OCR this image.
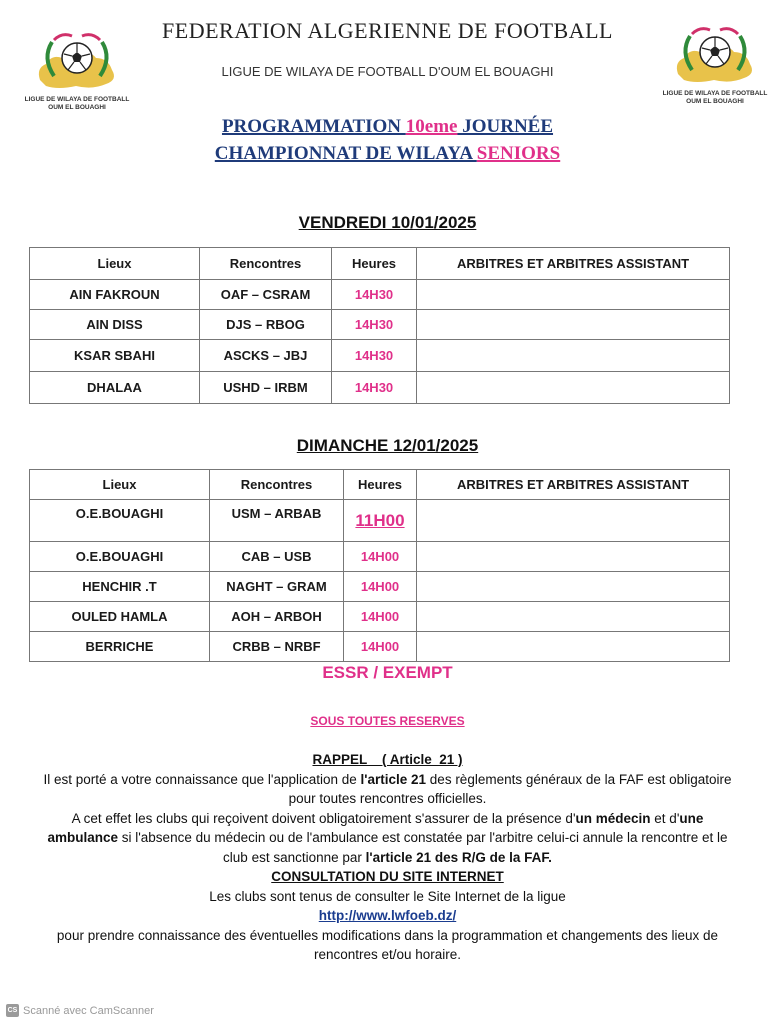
FEDERATION ALGERIENNE DE FOOTBALL
LIGUE DE WILAYA DE FOOTBALL D'OUM EL BOUAGHI
LIGUE DE WILAYA DE FOOTBALL
OUM EL BOUAGHI
LIGUE DE WILAYA DE FOOTBALL
OUM EL BOUAGHI
PROGRAMMATION 10eme JOURNÉE
CHAMPIONNAT DE WILAYA SENIORS
VENDREDI 10/01/2025
Lieux	Rencontres	Heures	ARBITRES ET ARBITRES ASSISTANT
AIN FAKROUN	OAF – CSRAM	14H30	
AIN DISS	DJS – RBOG	14H30	
KSAR SBAHI	ASCKS – JBJ	14H30	
DHALAA	USHD – IRBM	14H30	
DIMANCHE 12/01/2025
Lieux	Rencontres	Heures	ARBITRES ET ARBITRES ASSISTANT
O.E.BOUAGHI	USM – ARBAB	11H00	
O.E.BOUAGHI	CAB – USB	14H00	
HENCHIR .T	NAGHT – GRAM	14H00	
OULED HAMLA	AOH – ARBOH	14H00	
BERRICHE	CRBB – NRBF	14H00	
ESSR / EXEMPT
SOUS TOUTES RESERVES
RAPPEL    ( Article  21 )
Il est porté a votre connaissance que l'application de l'article 21 des règlements généraux de la FAF est obligatoire pour toutes rencontres officielles.
A cet effet les clubs qui reçoivent doivent obligatoirement s'assurer de la présence d'un médecin et d'une ambulance si l'absence du médecin ou de l'ambulance est constatée par l'arbitre celui-ci annule la rencontre et le club est sanctionne par l'article 21 des R/G de la FAF.
CONSULTATION DU SITE INTERNET
Les clubs sont tenus de consulter le Site Internet de la ligue
http://www.lwfoeb.dz/
pour prendre connaissance des éventuelles modifications dans la programmation et changements des lieux de rencontres et/ou horaire.
CS Scanné avec CamScanner
